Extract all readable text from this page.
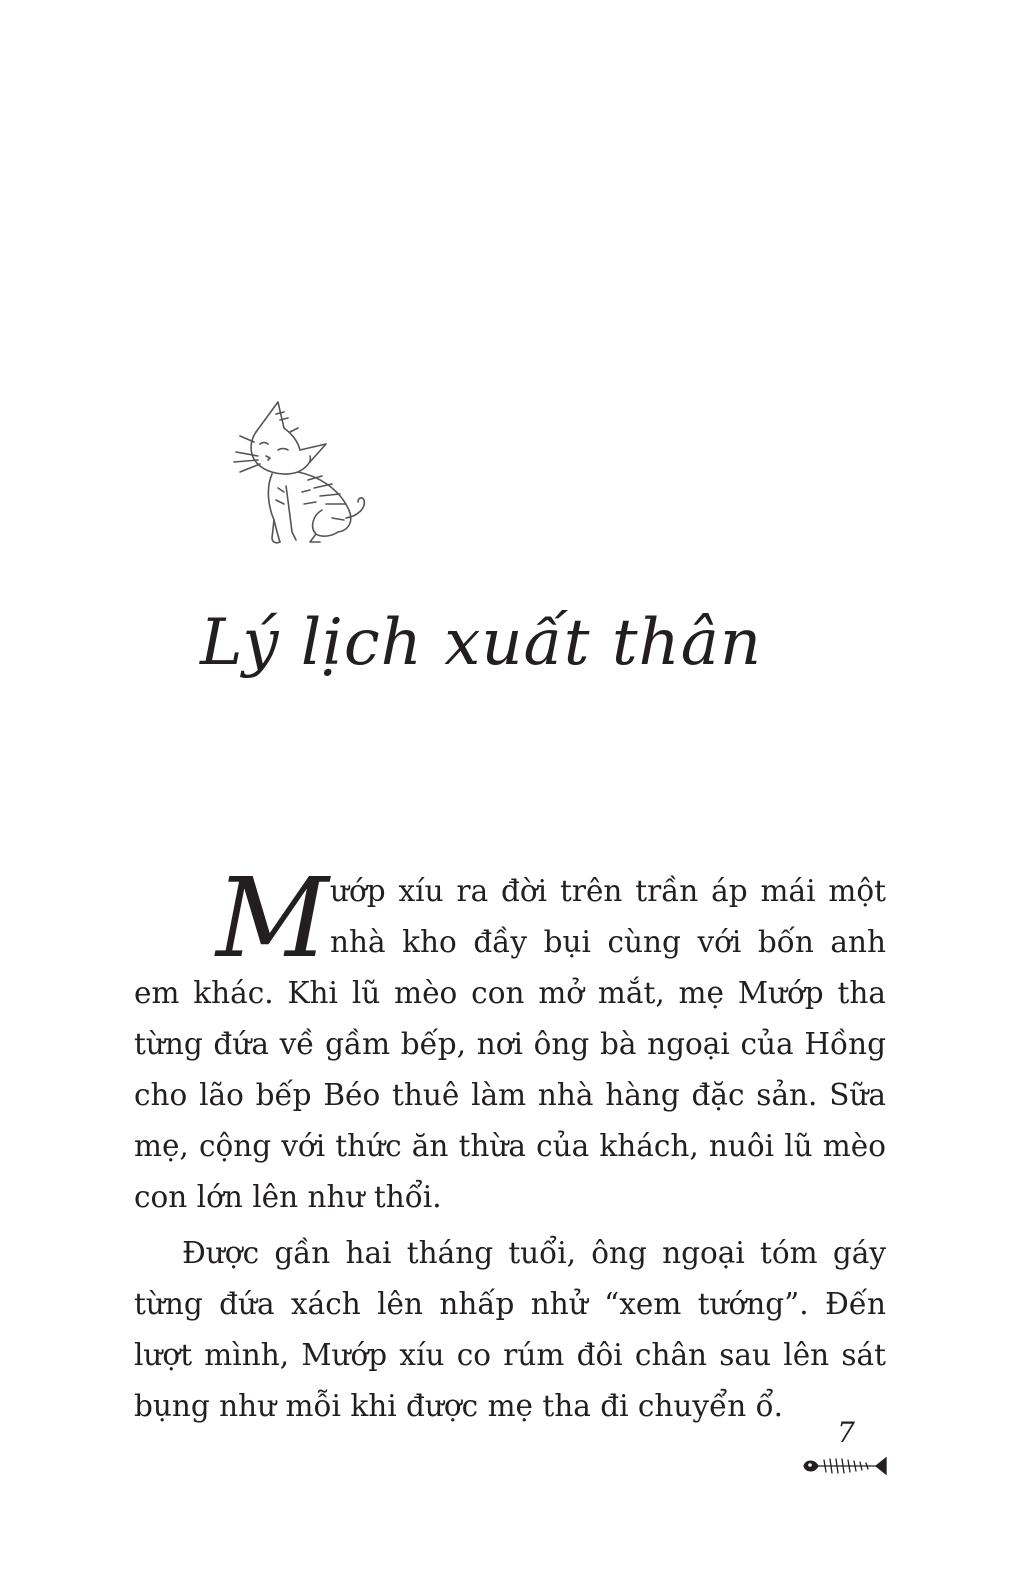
Lý lịch xuất thân

Mướp xíu ra đời trên trần áp mái một nhà kho đầy bụi cùng với bốn anh em khác. Khi lũ mèo con mở mắt, mẹ Mướp tha từng đứa về gầm bếp, nơi ông bà ngoại của Hồng cho lão bếp Béo thuê làm nhà hàng đặc sản. Sữa mẹ, cộng với thức ăn thừa của khách, nuôi lũ mèo con lớn lên như thổi.

Được gần hai tháng tuổi, ông ngoại tóm gáy từng đứa xách lên nhấp nhử “xem tướng”. Đến lượt mình, Mướp xíu co rúm đôi chân sau lên sát bụng như mỗi khi được mẹ tha đi chuyển ổ.

7
